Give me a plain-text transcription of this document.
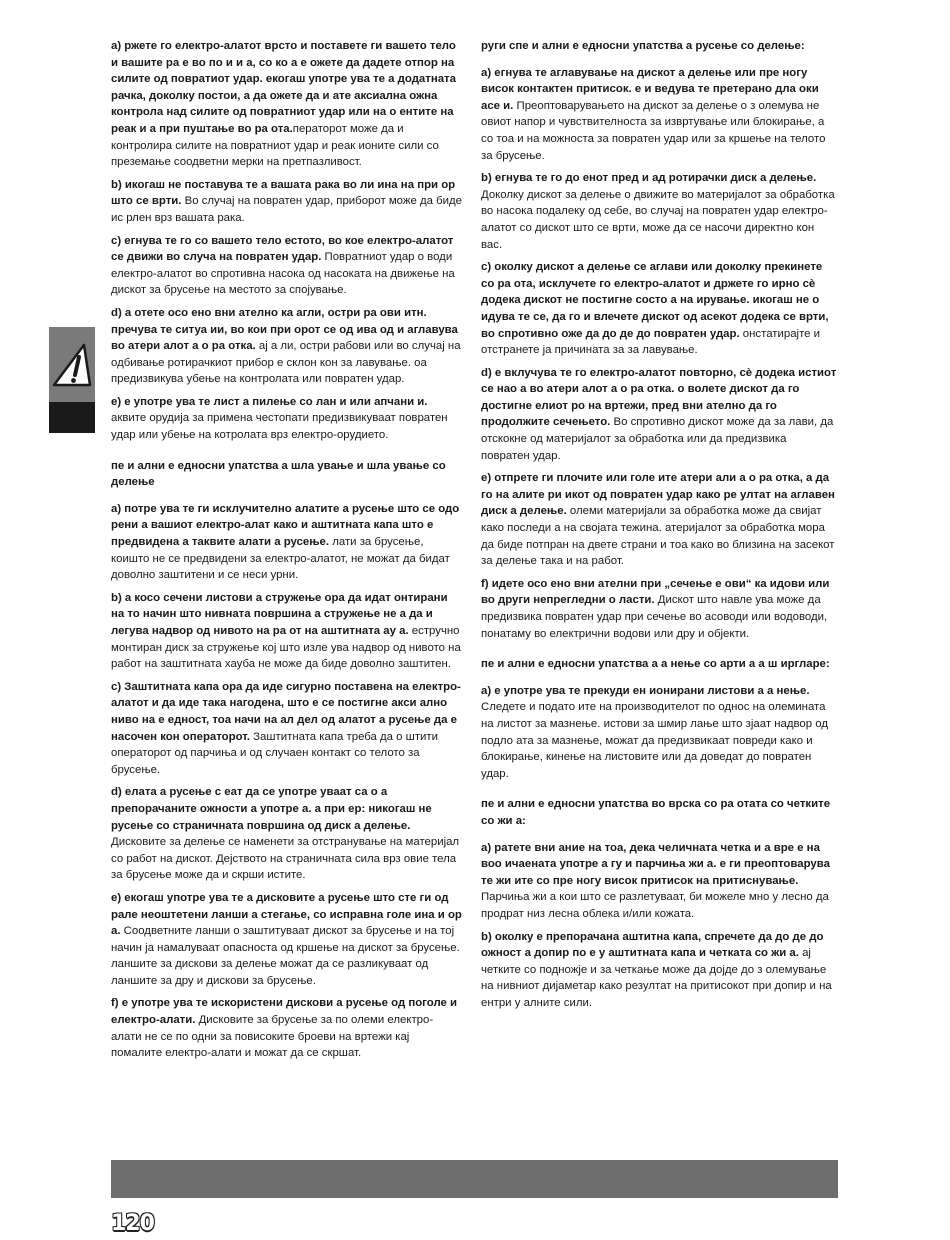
a) ржете го електро-алатот врсто и поставете ги вашето тело и вашите ра е во по и и а, со ко а е ожете да дадете отпор на силите од повратиот удар. екогаш употре ува те а додатната рачка, доколку постои, а да ожете да и ате аксиална ожна контрола над силите од повратниот удар или на о ентите на реак и а при пуштање во ра ота.ператорот може да и контролира силите на повратниот удар и реак ионите сили со преземање соодветни мерки на претпазливост.

b) икогаш не поставува те а вашата рака во ли ина на при ор што се врти. Во случај на повратен удар, приборот може да биде ис рлен врз вашата рака.

c) егнува те го со вашето тело естото, во кое електро-алатот се движи во случа на повратен удар. Повратниот удар о води електро-алатот во спротивна насока од насоката на движење на дискот за брусење на местото за спојување.

d) а отете осо ено вни ателно ка агли, остри ра ови итн. пречува те ситуа ии, во кои при орот се од ива од и аглавува во атери алот а о ра отка. ај а ли, остри рабови или во случај на одбивање ротирачкиот прибор е склон кон за лавување. оа предизвикува убење на контролата или повратен удар.

e) е употре ува те лист а пилење со лан и или апчани и. аквите орудија за примена честопати предизвикуваат повратен удар или убење на котролата врз електро-орудието.

пе и ални е едносни упатства а шла ување и шла ување со делење

a) потре ува те ги исклучително алатите а русење што се одо рени а вашиот електро-алат како и аштитната капа што е предвидена а таквите алати а русење. лати за брусење, коишто не се предвидени за електро-алатот, не можат да бидат доволно заштитени и се неси урни.

b) а косо сечени листови а стружење ора да идат онтирани на то начин што нивната површина а стружење не а да и легува надвор од нивото на ра от на аштитната ау а. естручно монтиран диск за стружење кој што изле ува надвор од нивото на работ на заштитната хауба не може да биде доволно заштитен.

c) Заштитната капа ора да иде сигурно поставена на електро-алатот и да иде така нагодена, што е се постигне акси ално ниво на е едност, тоа начи на ал дел од алатот а русење да е насочен кон операторот. Заштитната капа треба да о штити операторот од парчиња и од случаен контакт со телото за брусење.

d) елата а русење с еат да се употре уваат са о а препорачаните ожности а употре а. а при ер: никогаш не русење со страничната површина од диск а делење. Дисковите за делење се наменети за отстранување на материјал со работ на дискот. Дејството на страничната сила врз овие тела за брусење може да и скрши истите.

e) екогаш употре ува те а дисковите а русење што сте ги од рале неоштетени ланши а стегање, со исправна голе ина и ор а. Соодветните ланши о заштитуваат дискот за брусење и на тој начин ја намалуваат опасноста од кршење на дискот за брусење. ланшите за дискови за делење можат да се разликуваат од ланшите за дру и дискови за брусење.

f) е употре ува те искористени дискови а русење од поголе и електро-алати. Дисковите за брусење за по олеми електро-алати не се по одни за повисоките броеви на вртежи кај помалите електро-алати и можат да се скршат.

руги спе и ални е едносни упатства а русење со делење:

a) егнува те аглавување на дискот а делење или пре ногу висок контактен притисок. е и ведува те претерано дла оки асе и. Преоптоварувањето на дискот за делење о з олемува не овиот напор и чувствителноста за извртување или блокирање, а со тоа и на можноста за повратен удар или за кршење на телото за брусење.

b) егнува те го до енот пред и ад ротирачки диск а делење. Доколку дискот за делење о движите во материјалот за обработка во насока подалеку од себе, во случај на повратен удар електро-алатот со дискот што се врти, може да се насочи директно кон вас.

c) околку дискот а делење се аглави или доколку прекинете со ра ота, исклучете го електро-алатот и држете го ирно сè додека дискот не постигне состо а на ирување. икогаш не о идува те се, да го и влечете дискот од асекот додека се врти, во спротивно оже да до де до повратен удар. онстатирајте и отстранете ја причината за за лавување.

d) е вклучува те го електро-алатот повторно, сè додека истиот се нао а во атери алот а о ра отка. о волете дискот да го достигне елиот ро на вртежи, пред вни ателно да го продолжите сечењето. Во спротивно дискот може да за лави, да отскокне од материјалот за обработка или да предизвика повратен удар.

e) отпрете ги плочите или голе ите атери али а о ра отка, а да го на алите ри икот од повратен удар како ре ултат на аглавен диск а делење. олеми материјали за обработка може да свијат како последи а на својата тежина. атеријалот за обработка мора да биде потпран на двете страни и тоа како во близина на засекот за делење така и на работ.

f) идете осо ено вни ателни при „сечење е ови“ ка идови или во други непрегледни о ласти. Дискот што навле ува може да предизвика повратен удар при сечење во асоводи или водоводи, понатаму во електрични водови или дру и објекти.

пе и ални е едносни упатства а а нење со арти а а ш иргларе:

a) е употре ува те прекуди ен ионирани листови а а нење. Следете и подато ите на производителот по однос на олемината на листот за мазнење. истови за шмир лање што зјаат надвор од подло ата за мазнење, можат да предизвикаат повреди како и блокирање, кинење на листовите или да доведат до повратен удар.

пе и ални е едносни упатства во врска со ра отата со четките со жи а:

a) ратете вни ание на тоа, дека челичната четка и а вре е на воо ичаената употре а гу и парчиња жи а. е ги преоптоварува те жи ите со пре ногу висок притисок на притиснување. Парчиња жи а кои што се разлетуваат, би можеле мно у лесно да продрат низ лесна облека и/или кожата.

b) околку е препорачана аштитна капа, спречете да до де до ожност а допир по е у аштитната капа и четката со жи а. ај четките со подножје и за четкање може да дојде до з олемување на нивниот дијаметар како резултат на притисокот при допир и на ентри у алните сили.

120
